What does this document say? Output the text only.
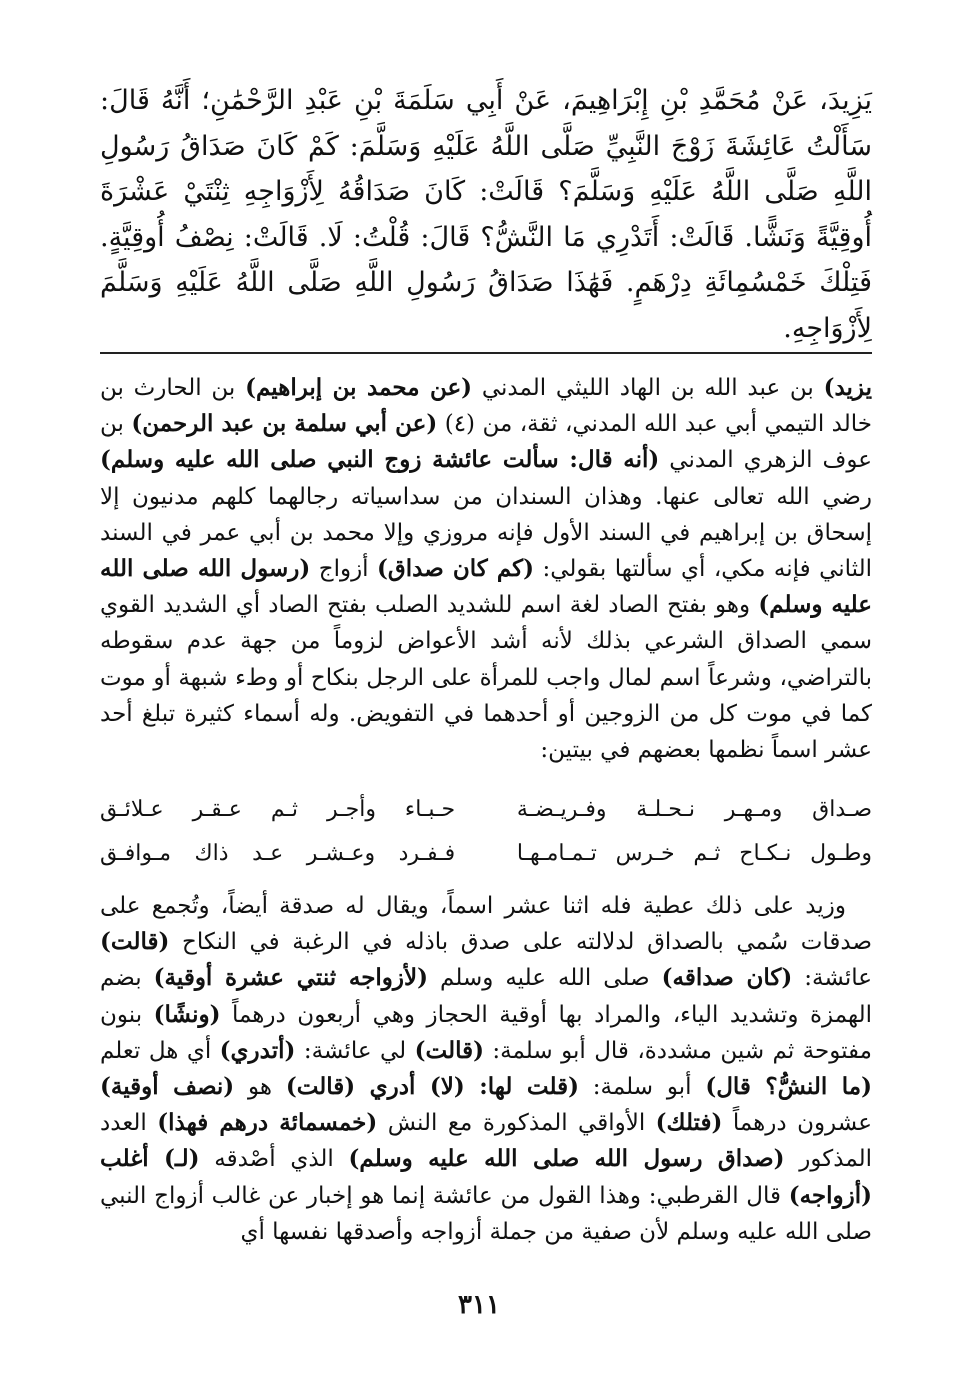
يَزِيدَ، عَنْ مُحَمَّدِ بْنِ إِبْرَاهِيمَ، عَنْ أَبِي سَلَمَةَ بْنِ عَبْدِ الرَّحْمَٰنِ؛ أَنَّهُ قَالَ: سَأَلْتُ عَائِشَةَ زَوْجَ النَّبِيِّ صَلَّى اللَّهُ عَلَيْهِ وَسَلَّمَ: كَمْ كَانَ صَدَاقُ رَسُولِ اللَّهِ صَلَّى اللَّهُ عَلَيْهِ وَسَلَّمَ؟ قَالَتْ: كَانَ صَدَاقُهُ لِأَزْوَاجِهِ ثِنْتَيْ عَشْرَةَ أُوقِيَّةً وَنَشًّا. قَالَتْ: أَتَدْرِي مَا النَّشُّ؟ قَالَ: قُلْتُ: لَا. قَالَتْ: نِصْفُ أُوقِيَّةٍ. فَتِلْكَ خَمْسُمِائَةِ دِرْهَمٍ. فَهَٰذَا صَدَاقُ رَسُولِ اللَّهِ صَلَّى اللَّهُ عَلَيْهِ وَسَلَّمَ لِأَزْوَاجِهِ.

يزيد) بن عبد الله بن الهاد الليثي المدني (عن محمد بن إبراهيم) بن الحارث بن خالد التيمي أبي عبد الله المدني، ثقة، من (٤) (عن أبي سلمة بن عبد الرحمن) بن عوف الزهري المدني (أنه قال: سألت عائشة زوج النبي صلى الله عليه وسلم) رضي الله تعالى عنها. وهذان السندان من سداسياته رجالهما كلهم مدنيون إلا إسحاق بن إبراهيم في السند الأول فإنه مروزي وإلا محمد بن أبي عمر في السند الثاني فإنه مكي، أي سألتها بقولي: (كم كان صداق) أزواج (رسول الله صلى الله عليه وسلم) وهو بفتح الصاد لغة اسم للشديد الصلب بفتح الصاد أي الشديد القوي سمي الصداق الشرعي بذلك لأنه أشد الأعواض لزوماً من جهة عدم سقوطه بالتراضي، وشرعاً اسم لمال واجب للمرأة على الرجل بنكاح أو وطء شبهة أو موت كما في موت كل من الزوجين أو أحدهما في التفويض. وله أسماء كثيرة تبلغ أحد عشر اسماً نظمها بعضهم في بيتين:

صـداق ومـهـر نـحـلـة وفـريـضـة
حـبـاء وأجـر ثـم عـقـر عـلائـق
وطـول نـكـاح ثـم خـرس تـمـامـهـا
فـفـرد وعـشـر عـد ذاك مـوافـق

وزيد على ذلك عطية فله اثنا عشر اسماً، ويقال له صدقة أيضاً، وتُجمع على صدقات سُمي بالصداق لدلالته على صدق باذله في الرغبة في النكاح (قالت) عائشة: (كان صداقه) صلى الله عليه وسلم (لأزواجه ثنتي عشرة أوقية) بضم الهمزة وتشديد الياء، والمراد بها أوقية الحجاز وهي أربعون درهماً (ونشًا) بنون مفتوحة ثم شين مشددة، قال أبو سلمة: (قالت) لي عائشة: (أتدري) أي هل تعلم (ما النشُّ؟ قال) أبو سلمة: (قلت لها: (لا) أدري (قالت) هو (نصف أوقية) عشرون درهماً (فتلك) الأواقي المذكورة مع النش (خمسمائة درهم فهذا) العدد المذكور (صداق رسول الله صلى الله عليه وسلم) الذي أصْدقه (لـ) أغلب (أزواجه) قال القرطبي: وهذا القول من عائشة إنما هو إخبار عن غالب أزواج النبي صلى الله عليه وسلم لأن صفية من جملة أزواجه وأصدقها نفسها أي

٣١١
